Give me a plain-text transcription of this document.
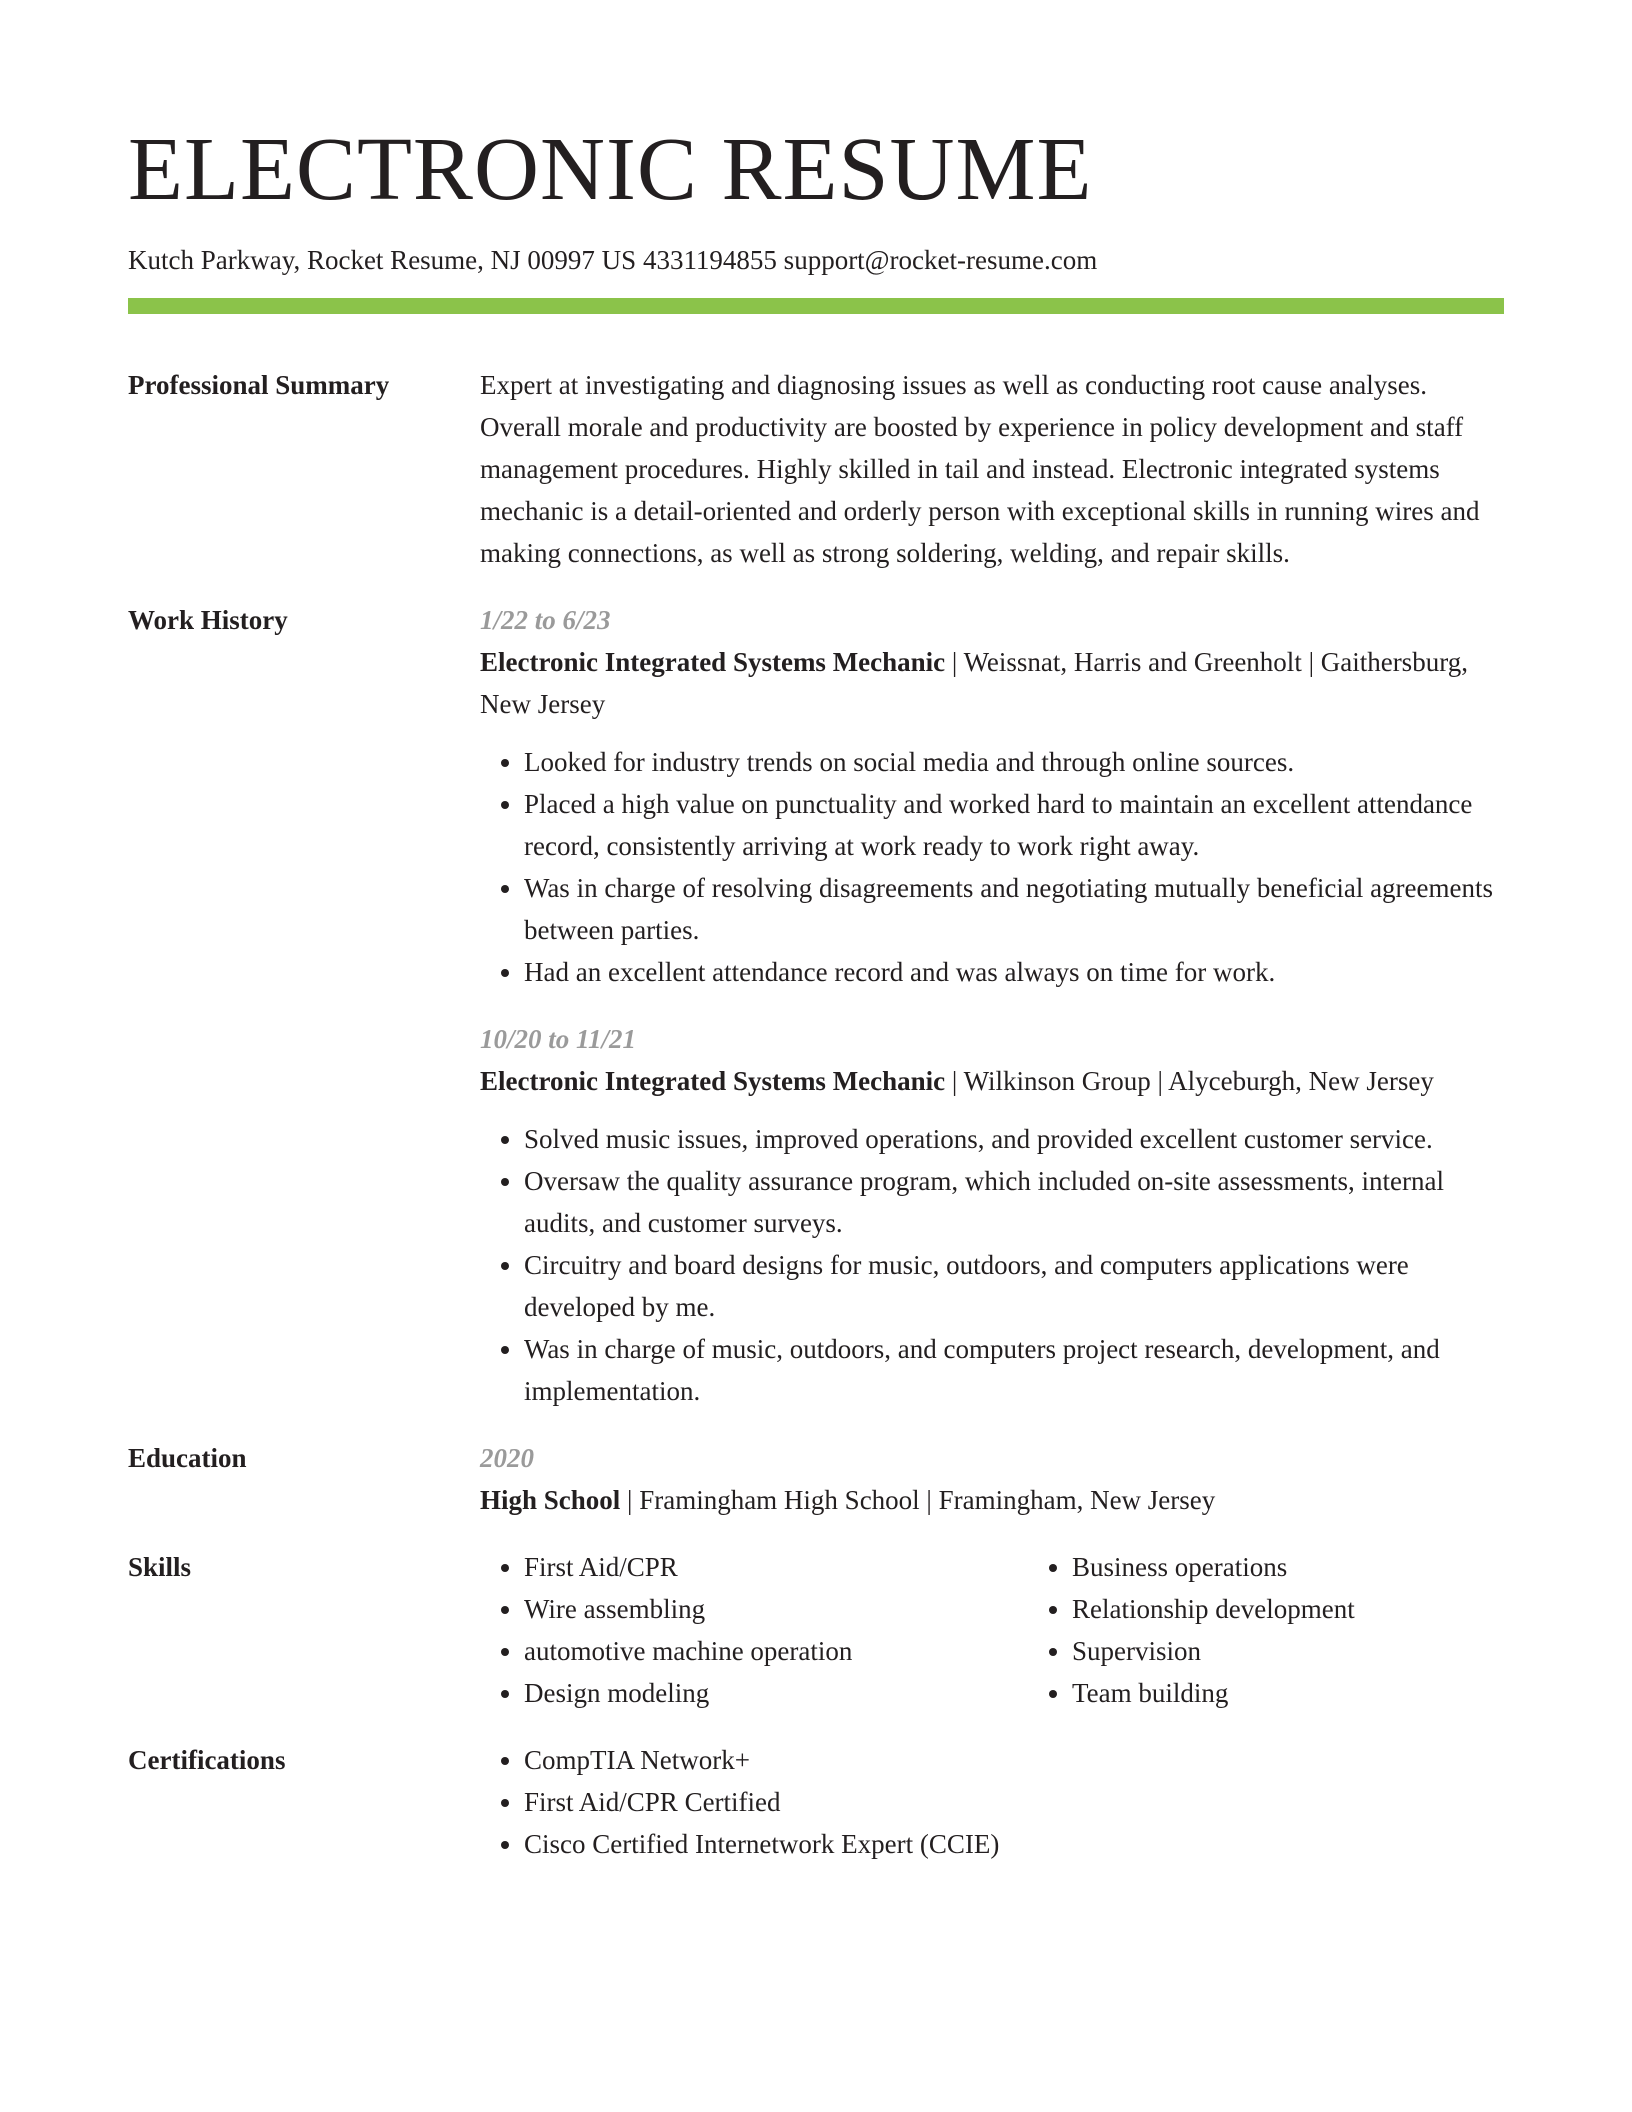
ELECTRONIC RESUME
Kutch Parkway, Rocket Resume, NJ 00997 US 4331194855 support@rocket-resume.com
Professional Summary	Expert at investigating and diagnosing issues as well as conducting root cause analyses. Overall morale and productivity are boosted by experience in policy development and staff management procedures. Highly skilled in tail and instead. Electronic integrated systems mechanic is a detail-oriented and orderly person with exceptional skills in running wires and making connections, as well as strong soldering, welding, and repair skills.
Work History	1/22 to 6/23
Electronic Integrated Systems Mechanic | Weissnat, Harris and Greenholt | Gaithersburg, New Jersey
• Looked for industry trends on social media and through online sources.
• Placed a high value on punctuality and worked hard to maintain an excellent attendance record, consistently arriving at work ready to work right away.
• Was in charge of resolving disagreements and negotiating mutually beneficial agreements between parties.
• Had an excellent attendance record and was always on time for work.
10/20 to 11/21
Electronic Integrated Systems Mechanic | Wilkinson Group | Alyceburgh, New Jersey
• Solved music issues, improved operations, and provided excellent customer service.
• Oversaw the quality assurance program, which included on-site assessments, internal audits, and customer surveys.
• Circuitry and board designs for music, outdoors, and computers applications were developed by me.
• Was in charge of music, outdoors, and computers project research, development, and implementation.
Education	2020
High School | Framingham High School | Framingham, New Jersey
Skills	• First Aid/CPR
• Wire assembling
• automotive machine operation
• Design modeling
• Business operations
• Relationship development
• Supervision
• Team building
Certifications	• CompTIA Network+
• First Aid/CPR Certified
• Cisco Certified Internetwork Expert (CCIE)
